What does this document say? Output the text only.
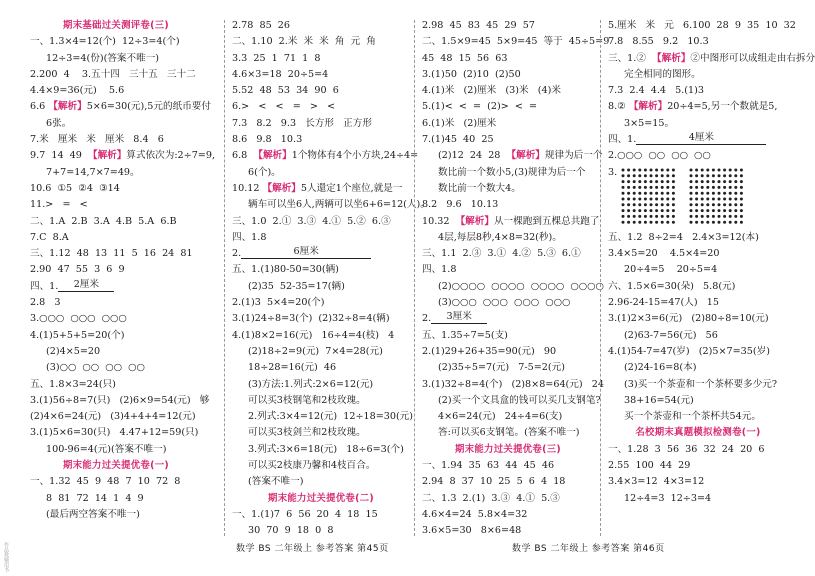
期末基础过关测评卷(三)
一、1.3×4=12(个)  12÷3=4(个)
12÷3=4(份)(答案不唯一)
2.200  4    3.五十四   三十五   三十二
4.4×9=36(元)    5.6
6.6 【解析】5×6=30(元),5元的纸币要付
6张。
7.米   厘米   米   厘米   8.4   6
9.7  14  49  【解析】算式依次为:2÷7=9,
7+7=14,7×7=49。
10.6  ①5  ②4  ③14
11.>   =   <
二、1.A  2.B  3.A  4.B  5.A  6.B
7.C  8.A
三、1.12  48  13  11  5  16  24  81
2.90  47  55  3  6  9
四、1. 2厘米
2.8   3
3.○○○  ○○○  ○○○
4.(1)5+5+5=20(个)
(2)4×5=20
(3)○○  ○○  ○○  ○○
五、1.8×3=24(只)
3.(1)56÷8=7(只)   (2)6×9=54(元)   够
(2)4×6=24(元)   (3)4+4+4=12(元)
3.(1)5×6=30(只)   4.47+12=59(只)
100-96=4(元)(答案不唯一)
期末能力过关提优卷(一)
一、1.32  45  9  48  7  10  72  8
8  81  72  14  1  4  9
(最后两空答案不唯一)
2.78  85  26
二、1.10  2.米  米  米  角  元  角
3.3  25  1  71  1  8
4.6×3=18  20÷5=4
5.52  48  53  34  90  6
6.>   <   <   =   >   <
7.3   8.2   9.3   长方形   正方形
8.6   9.8   10.3
6.8  【解析】1个物体有4个小方块,24÷4=
6(个)。
10.12 【解析】5人還定1个座位,就是一
辆车可以坐6人,两辆可以坐6+6=12(人)。
三、1.0  2.①  3.③  4.①  5.②  6.③
四、1.8
2.	6厘米
五、1.(1)80-50=30(辆)
(2)35  52-35=17(辆)
2.(1)3  5×4=20(个)
3.(1)24÷8=3(个)  (2)32÷8=4(辆)
4.(1)8×2=16(元)   16÷4=4(枝)   4
(2)18÷2=9(元)  7×4=28(元)
18÷28=16(元)  46
(3)方法:1.列式:2×6=12(元)
可以买3枝钢笔和2枝玫瑰。
2.列式:3×4=12(元)  12÷18=30(元)
可以买3枝剑兰和2枝玫瑰。
3.列式:3×6=18(元)   18÷6=3(个)
可以买2枝康乃馨和4枝百合。
(答案不唯一)
期末能力过关提优卷(二)
一、1.(1)7  6  56  20  4  18  15
30  70  9  18  0  8
2.98  45  83  45  29  57
二、1.5×9=45  5×9=45  等于  45÷5=9
45  48  15  56  63
3.(1)50  (2)10  (2)50
4.(1)米   (2)厘米   (3)米   (4)米
5.(1)<  <  =  (2)>  <  =
6.(1)米   (2)厘米
7.(1)45  40  25
(2)12  24  28  【解析】规律为后一个
数比前一个数小5,(3)规律为后一个
数比前一个数大4。
8.2   9.6   10.13
10.32  【解析】从一棵跑到五棵总共跑了
4层,每层8秒,4×8=32(秒)。
三、1.1  2.③  3.①  4.②  5.③  6.①
四、1.8
(2)○○○○  ○○○○  ○○○○  ○○○○
(3)○○○  ○○○  ○○○  ○○○
2. 3厘米
五、1.35÷7=5(支)
2.(1)29+26+35=90(元)   90
(2)35÷5=7(元)   7-5=2(元)
3.(1)32÷8=4(个)   (2)8×8=64(元)   24
(2)买一个文具盒的钱可以买几支钢笔?
4×6=24(元)   24÷4=6(支)
答:可以买6支钢笔。(答案不唯一)
期末能力过关提优卷(三)
一、1.94  35  63  44  45  46
2.94  8  37  10  25  5  6  4  18
二、1.3  2.(1)  3.③  4.①  5.③
4.6×4=24  5.8×4=32
3.6×5=30   8×6=48
5.厘米   米   元   6.100  28  9  35  10  32
7.8   8.55   9.2   10.3
三、1.②  【解析】②中图形可以成组走由右拆分
完全相同的图形。
7.3  2.4  4.4   5.(1)3
8.② 【解析】20÷4=5,另一个数就是5,
3×5=15。
四、1.	4厘米
2.○○○  ○○  ○○  ○○
3.
五、1.2  8÷2=4   2.4×3=12(本)
3.4×5=20    4.5×4=20
20÷4=5    20÷5=4
六、1.5×6=30(朵)   5.8(元)
2.96-24-15=47(人)   15
3.(1)2×3=6(元)   (2)80÷8=10(元)
(2)63-7=56(元)   56
4.(1)54-7=47(岁)   (2)5×7=35(岁)
(2)24-16=8(本)
(3)买一个茶壶和一个茶杯要多少元?
38+16=54(元)
买一个茶壶和一个茶杯共54元。
名校期末真题模拟检测卷(一)
一、1.28  3  56  36  32  24  20  6
2.55  100  44  29
3.4×3=12  4×3=12
12÷4=3  12÷3=4
数学 BS 二年级上 参考答案 第45页	数学 BS 二年级上 参考答案 第46页
作品教辅用书
